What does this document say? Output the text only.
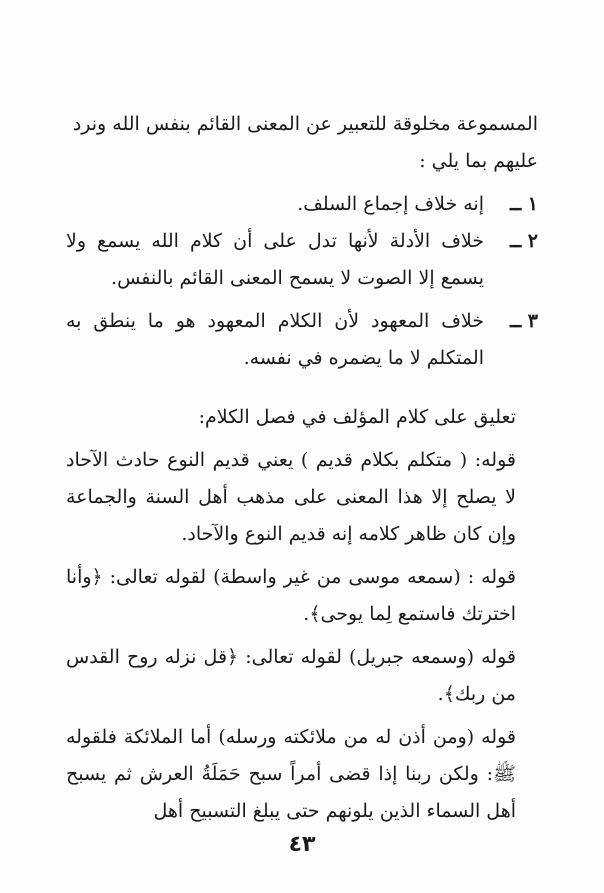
المسموعة مخلوقة للتعبير عن المعنى القائم بنفس الله ونرد
عليهم بما يلي :

١ ــ
إنه خلاف إجماع السلف.
٢ ــ
خلاف الأدلة لأنها تدل على أن كلام الله يسمع ولا يسمع إلا الصوت لا يسمح المعنى القائم بالنفس.
٣ ــ
خلاف المعهود لأن الكلام المعهود هو ما ينطق به المتكلم لا ما يضمره في نفسه.

تعليق على كلام المؤلف في فصل الكلام:

قوله: ( متكلم بكلام قديم ) يعني قديم النوع حادث الآحاد لا يصلح إلا هذا المعنى على مذهب أهل السنة والجماعة وإن كان ظاهر كلامه إنه قديم النوع والآحاد.

قوله : (سمعه موسى من غير واسطة) لقوله تعالى: ﴿وأنا اخترتك فاستمع لِما يوحى﴾.

قوله (وسمعه جبريل) لقوله تعالى: ﴿قل نزله روح القدس من ربك﴾.

قوله (ومن أذن له من ملائكته ورسله) أما الملائكة فلقوله ﷺ: ولكن ربنا إذا قضى أمراً سبح حَمَلَةُ العرش ثم يسبح أهل السماء الذين يلونهم حتى يبلغ التسبيح أهل

٤٣
